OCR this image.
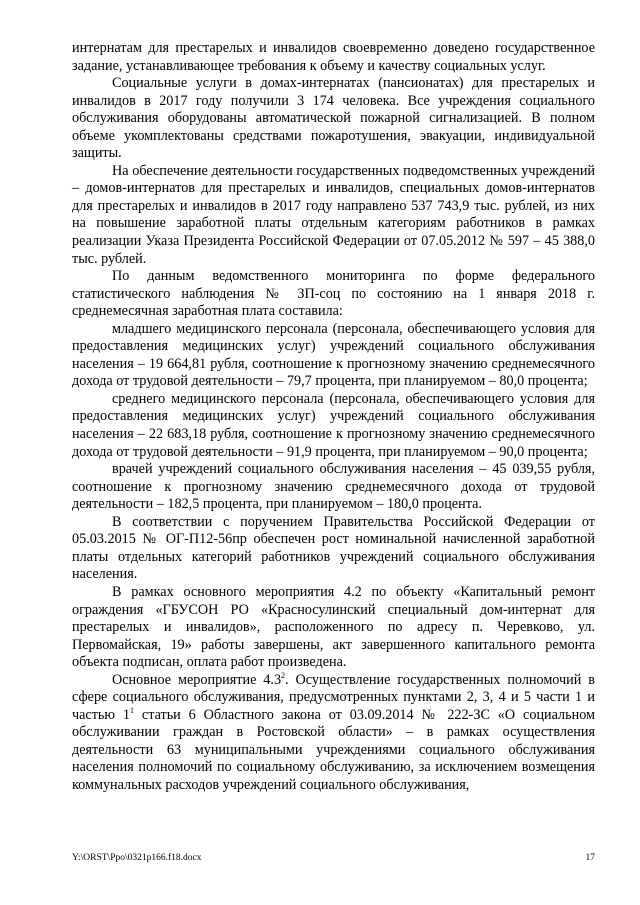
интернатам для престарелых и инвалидов своевременно доведено государственное задание, устанавливающее требования к объему и качеству социальных услуг.

Социальные услуги в домах-интернатах (пансионатах) для престарелых и инвалидов в 2017 году получили 3 174 человека. Все учреждения социального обслуживания оборудованы автоматической пожарной сигнализацией. В полном объеме укомплектованы средствами пожаротушения, эвакуации, индивидуальной защиты.

На обеспечение деятельности государственных подведомственных учреждений – домов-интернатов для престарелых и инвалидов, специальных домов-интернатов для престарелых и инвалидов в 2017 году направлено 537 743,9 тыс. рублей, из них на повышение заработной платы отдельным категориям работников в рамках реализации Указа Президента Российской Федерации от 07.05.2012 № 597 – 45 388,0 тыс. рублей.

По данным ведомственного мониторинга по форме федерального статистического наблюдения № ЗП-соц по состоянию на 1 января 2018 г. среднемесячная заработная плата составила:

младшего медицинского персонала (персонала, обеспечивающего условия для предоставления медицинских услуг) учреждений социального обслуживания населения – 19 664,81 рубля, соотношение к прогнозному значению среднемесячного дохода от трудовой деятельности – 79,7 процента, при планируемом – 80,0 процента;

среднего медицинского персонала (персонала, обеспечивающего условия для предоставления медицинских услуг) учреждений социального обслуживания населения – 22 683,18 рубля, соотношение к прогнозному значению среднемесячного дохода от трудовой деятельности – 91,9 процента, при планируемом – 90,0 процента;

врачей учреждений социального обслуживания населения – 45 039,55 рубля, соотношение к прогнозному значению среднемесячного дохода от трудовой деятельности – 182,5 процента, при планируемом – 180,0 процента.

В соответствии с поручением Правительства Российской Федерации от 05.03.2015 № ОГ-П12-56пр обеспечен рост номинальной начисленной заработной платы отдельных категорий работников учреждений социального обслуживания населения.

В рамках основного мероприятия 4.2 по объекту «Капитальный ремонт ограждения «ГБУСОН РО «Красносулинский специальный дом-интернат для престарелых и инвалидов», расположенного по адресу п. Черевково, ул. Первомайская, 19» работы завершены, акт завершенного капитального ремонта объекта подписан, оплата работ произведена.

Основное мероприятие $4.3^2$. Осуществление государственных полномочий в сфере социального обслуживания, предусмотренных пунктами 2, 3, 4 и 5 части 1 и частью $1^1$ статьи 6 Областного закона от 03.09.2014 № 222-ЗС «О социальном обслуживании граждан в Ростовской области» – в рамках осуществления деятельности 63 муниципальными учреждениями социального обслуживания населения полномочий по социальному обслуживанию, за исключением возмещения коммунальных расходов учреждений социального обслуживания,

Y:\ORST\Ppo\0321p166.f18.docx	17
